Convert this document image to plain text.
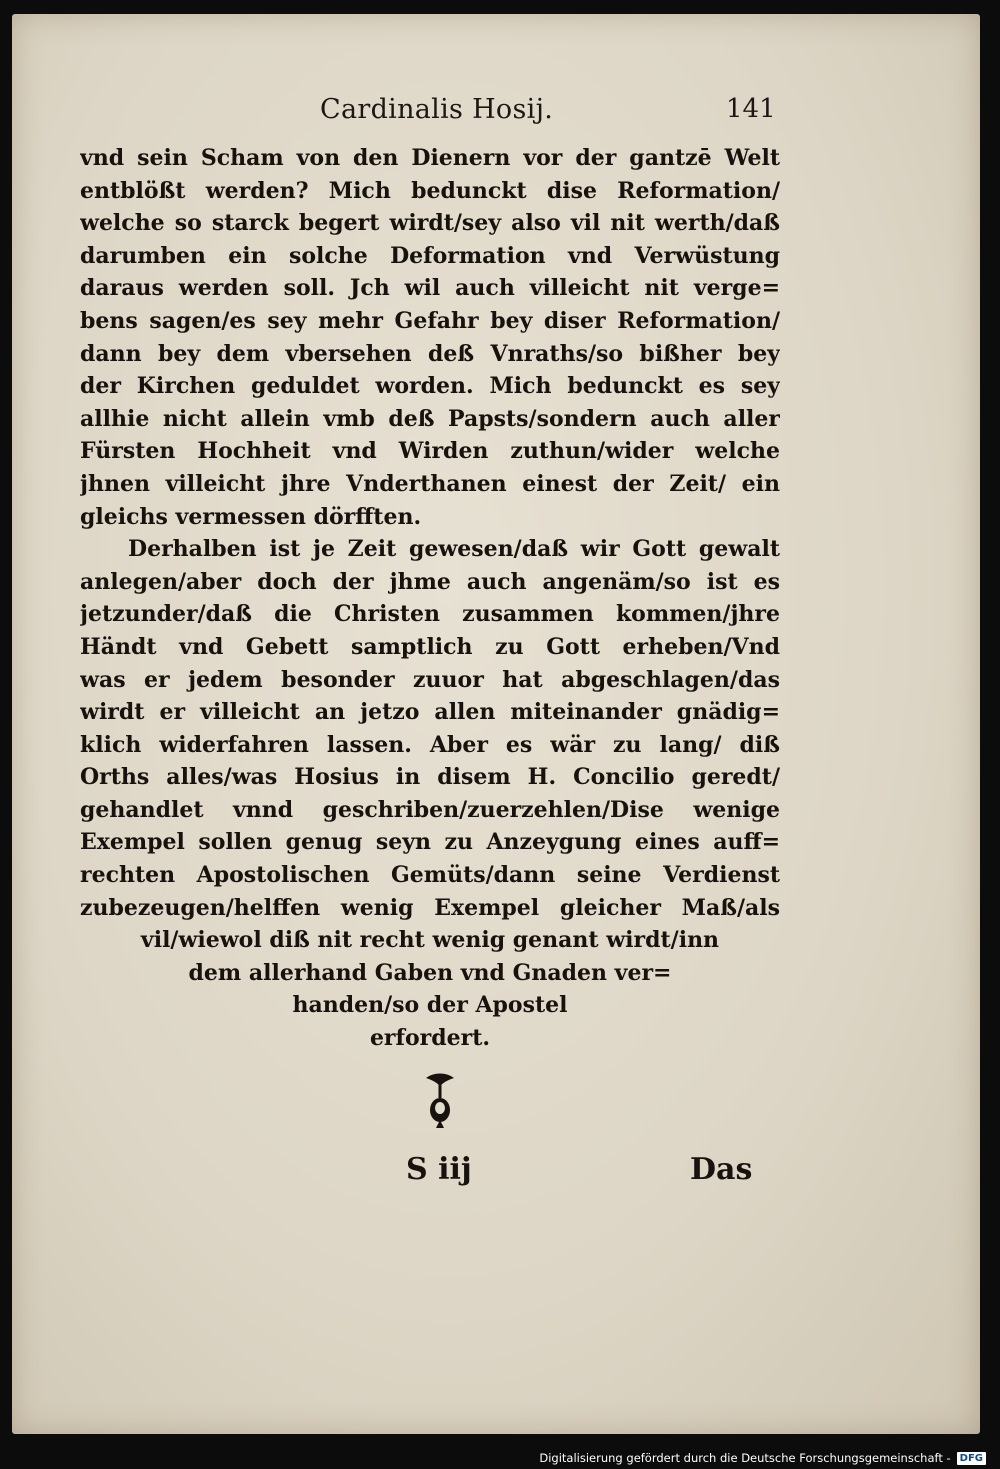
Cardinalis Hosij.	141
vnd sein Scham von den Dienern vor der gantzē Welt
entblößt werden? Mich bedunckt dise Reformation/
welche so starck begert wirdt/sey also vil nit werth/daß
darumben ein solche Deformation vnd Verwüstung
daraus werden soll. Jch wil auch villeicht nit verge=
bens sagen/es sey mehr Gefahr bey diser Reformation/
dann bey dem vbersehen deß Vnraths/so bißher bey
der Kirchen geduldet worden. Mich bedunckt es sey
allhie nicht allein vmb deß Papsts/sondern auch aller
Fürsten Hochheit vnd Wirden zuthun/wider welche
jhnen villeicht jhre Vnderthanen einest der Zeit/ ein
gleichs vermessen dörfften.
Derhalben ist je Zeit gewesen/daß wir Gott gewalt
anlegen/aber doch der jhme auch angenäm/so ist es
jetzunder/daß die Christen zusammen kommen/jhre
Händt vnd Gebett samptlich zu Gott erheben/Vnd
was er jedem besonder zuuor hat abgeschlagen/das
wirdt er villeicht an jetzo allen miteinander gnädig=
klich widerfahren lassen. Aber es wär zu lang/ diß
Orths alles/was Hosius in disem H. Concilio geredt/
gehandlet vnnd geschriben/zuerzehlen/Dise wenige
Exempel sollen genug seyn zu Anzeygung eines auff=
rechten Apostolischen Gemüts/dann seine Verdienst
zubezeugen/helffen wenig Exempel gleicher Maß/als
vil/wiewol diß nit recht wenig genant wirdt/inn
dem allerhand Gaben vnd Gnaden ver=
handen/so der Apostel
erfordert.
S iij	Das
Digitalisierung gefördert durch die Deutsche Forschungsgemeinschaft - DFG
